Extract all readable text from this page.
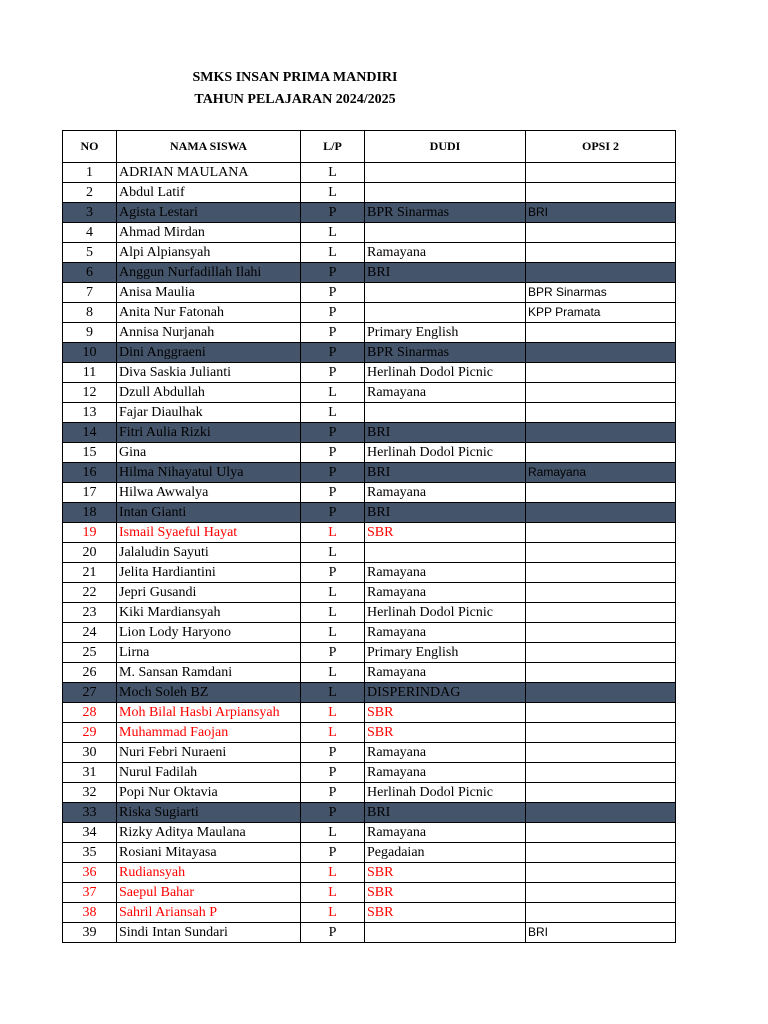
SMKS INSAN PRIMA MANDIRI
TAHUN PELAJARAN 2024/2025
NO	NAMA SISWA	L/P	DUDI	OPSI 2
1	ADRIAN MAULANA	L		
2	Abdul Latif	L		
3	Agista Lestari	P	BPR Sinarmas	BRI
4	Ahmad Mirdan	L		
5	Alpi Alpiansyah	L	Ramayana	
6	Anggun Nurfadillah Ilahi	P	BRI	
7	Anisa Maulia	P		BPR Sinarmas
8	Anita Nur Fatonah	P		KPP Pramata
9	Annisa Nurjanah	P	Primary English	
10	Dini Anggraeni	P	BPR Sinarmas	
11	Diva Saskia Julianti	P	Herlinah Dodol Picnic	
12	Dzull Abdullah	L	Ramayana	
13	Fajar Diaulhak	L		
14	Fitri Aulia Rizki	P	BRI	
15	Gina	P	Herlinah Dodol Picnic	
16	Hilma Nihayatul Ulya	P	BRI	Ramayana
17	Hilwa Awwalya	P	Ramayana	
18	Intan Gianti	P	BRI	
19	Ismail Syaeful Hayat	L	SBR	
20	Jalaludin Sayuti	L		
21	Jelita Hardiantini	P	Ramayana	
22	Jepri Gusandi	L	Ramayana	
23	Kiki Mardiansyah	L	Herlinah Dodol Picnic	
24	Lion Lody Haryono	L	Ramayana	
25	Lirna	P	Primary English	
26	M. Sansan Ramdani	L	Ramayana	
27	Moch Soleh BZ	L	DISPERINDAG	
28	Moh Bilal Hasbi Arpiansyah	L	SBR	
29	Muhammad Faojan	L	SBR	
30	Nuri Febri Nuraeni	P	Ramayana	
31	Nurul Fadilah	P	Ramayana	
32	Popi Nur Oktavia	P	Herlinah Dodol Picnic	
33	Riska Sugiarti	P	BRI	
34	Rizky Aditya Maulana	L	Ramayana	
35	Rosiani Mitayasa	P	Pegadaian	
36	Rudiansyah	L	SBR	
37	Saepul Bahar	L	SBR	
38	Sahril Ariansah P	L	SBR	
39	Sindi Intan Sundari	P		BRI
